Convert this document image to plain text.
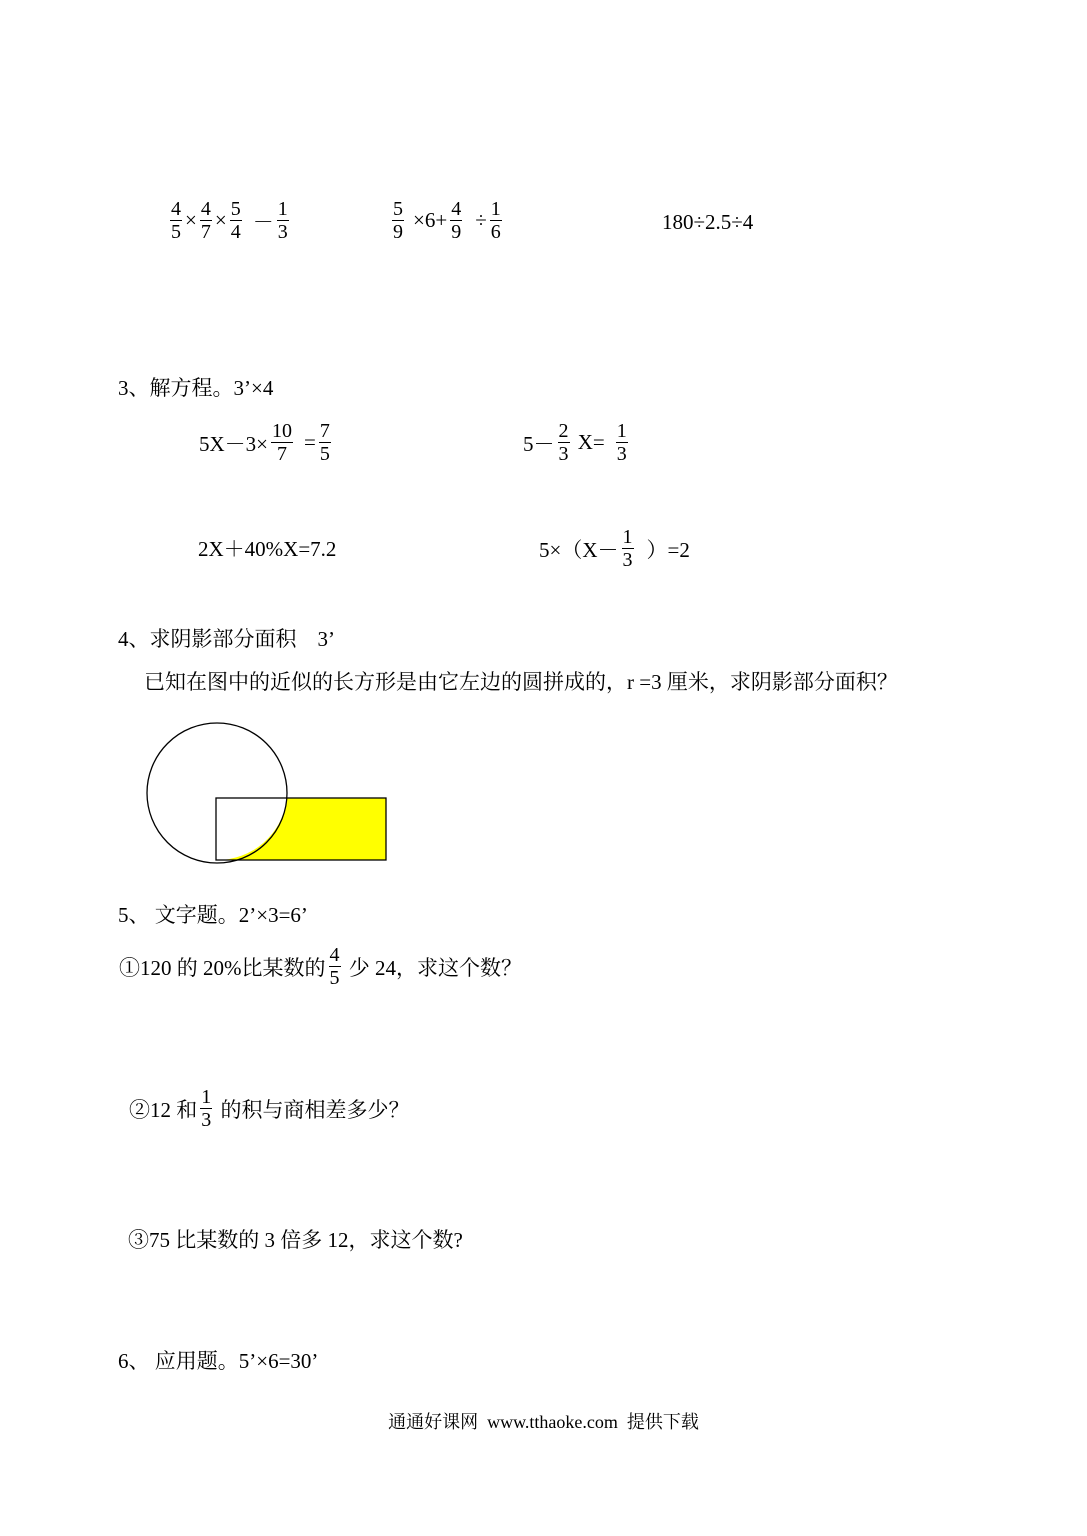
$\frac{4}{5} \times \frac{4}{7} \times \frac{5}{4} - \frac{1}{3}$	$\frac{5}{9} \times 6+ \frac{4}{9} \div \frac{1}{6}$	180÷2.5÷4
3、解方程。3’×4
$5X-3\times \frac{10}{7} = \frac{7}{5}$	$5- \frac{2}{3} X= \frac{1}{3}$
2X＋40%X=7.2	$5\times(X- \frac{1}{3} )=2$
4、求阴影部分面积　3’
已知在图中的近似的长方形是由它左边的圆拼成的，r =3 厘米，求阴影部分面积？
5、 文字题。2’×3=6’
①120 的 20%比某数的 $\frac{4}{5}$ 少 24，求这个数？
②12 和 $\frac{1}{3}$ 的积与商相差多少？
③75 比某数的 3 倍多 12，求这个数?
6、 应用题。5’×6=30’
通通好课网  www.tthaoke.com  提供下载
